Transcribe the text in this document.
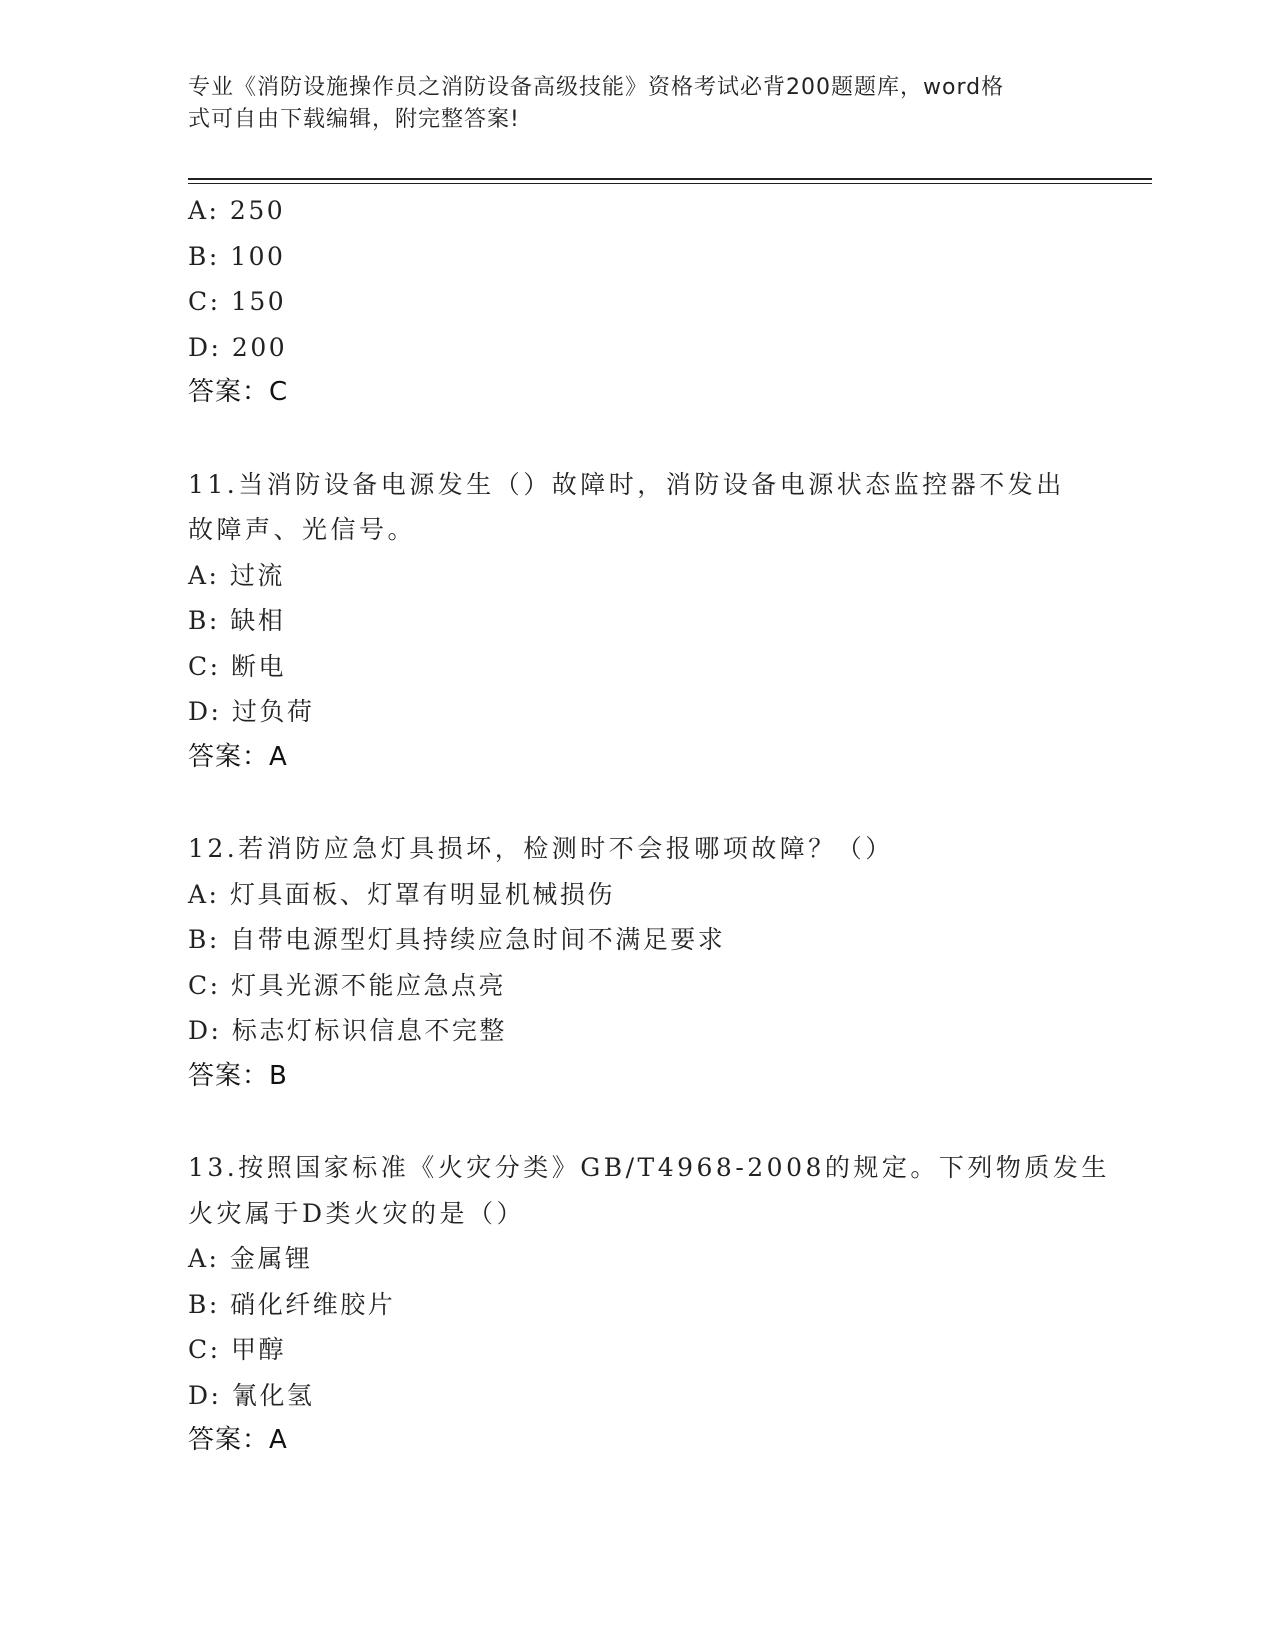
专业《消防设施操作员之消防设备高级技能》资格考试必背200题题库，word格
式可自由下载编辑，附完整答案!
A: 250
B: 100
C: 150
D: 200
答案：C
11.当消防设备电源发生（）故障时，消防设备电源状态监控器不发出
故障声、光信号。
A: 过流
B: 缺相
C: 断电
D: 过负荷
答案：A
12.若消防应急灯具损坏，检测时不会报哪项故障？（）
A: 灯具面板、灯罩有明显机械损伤
B: 自带电源型灯具持续应急时间不满足要求
C: 灯具光源不能应急点亮
D: 标志灯标识信息不完整
答案：B
13.按照国家标准《火灾分类》GB/T4968-2008的规定。下列物质发生
火灾属于D类火灾的是（）
A: 金属锂
B: 硝化纤维胶片
C: 甲醇
D: 氰化氢
答案：A
